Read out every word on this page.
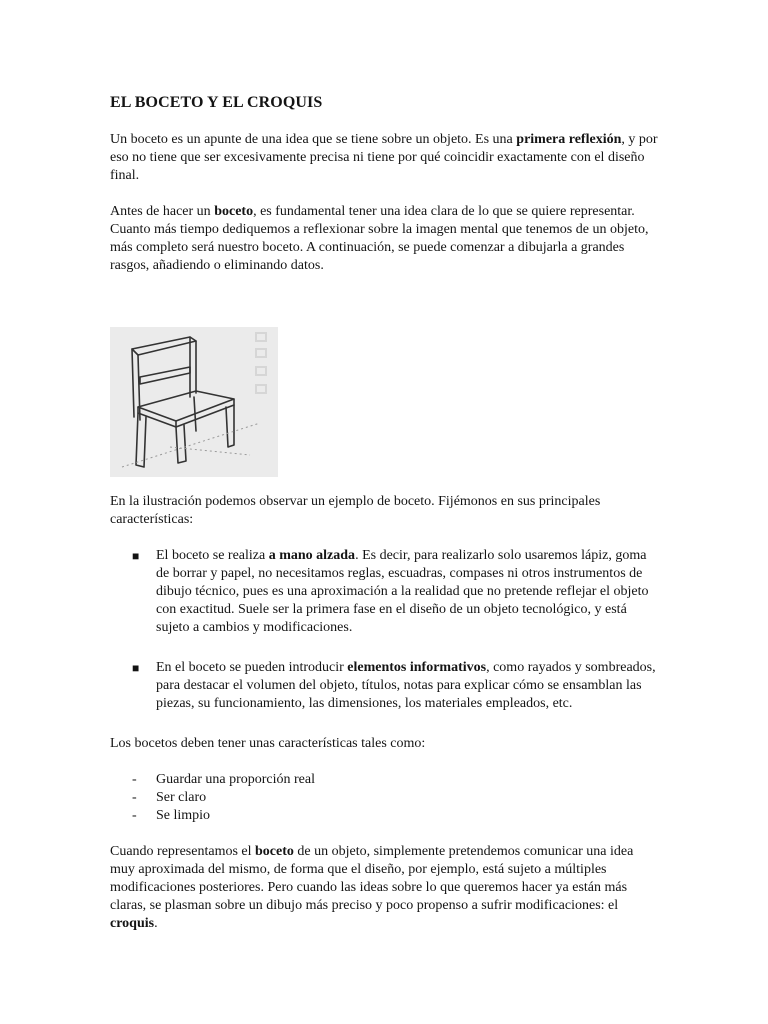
EL BOCETO Y EL CROQUIS

Un boceto es un apunte de una idea que se tiene sobre un objeto. Es una primera reflexión, y por eso no tiene que ser excesivamente precisa ni tiene por qué coincidir exactamente con el diseño final.

Antes de hacer un boceto, es fundamental tener una idea clara de lo que se quiere representar. Cuanto más tiempo dediquemos a reflexionar sobre la imagen mental que tenemos de un objeto, más completo será nuestro boceto. A continuación, se puede comenzar a dibujarla a grandes rasgos, añadiendo o eliminando datos.

En la ilustración podemos observar un ejemplo de boceto. Fijémonos en sus principales características:

■ El boceto se realiza a mano alzada. Es decir, para realizarlo solo usaremos lápiz, goma de borrar y papel, no necesitamos reglas, escuadras, compases ni otros instrumentos de dibujo técnico, pues es una aproximación a la realidad que no pretende reflejar el objeto con exactitud. Suele ser la primera fase en el diseño de un objeto tecnológico, y está sujeto a cambios y modificaciones.
■ En el boceto se pueden introducir elementos informativos, como rayados y sombreados, para destacar el volumen del objeto, títulos, notas para explicar cómo se ensamblan las piezas, su funcionamiento, las dimensiones, los materiales empleados, etc.

Los bocetos deben tener unas características tales como:

- Guardar una proporción real
- Ser claro
- Se limpio

Cuando representamos el boceto de un objeto, simplemente pretendemos comunicar una idea muy aproximada del mismo, de forma que el diseño, por ejemplo, está sujeto a múltiples modificaciones posteriores. Pero cuando las ideas sobre lo que queremos hacer ya están más claras, se plasman sobre un dibujo más preciso y poco propenso a sufrir modificaciones: el croquis.
